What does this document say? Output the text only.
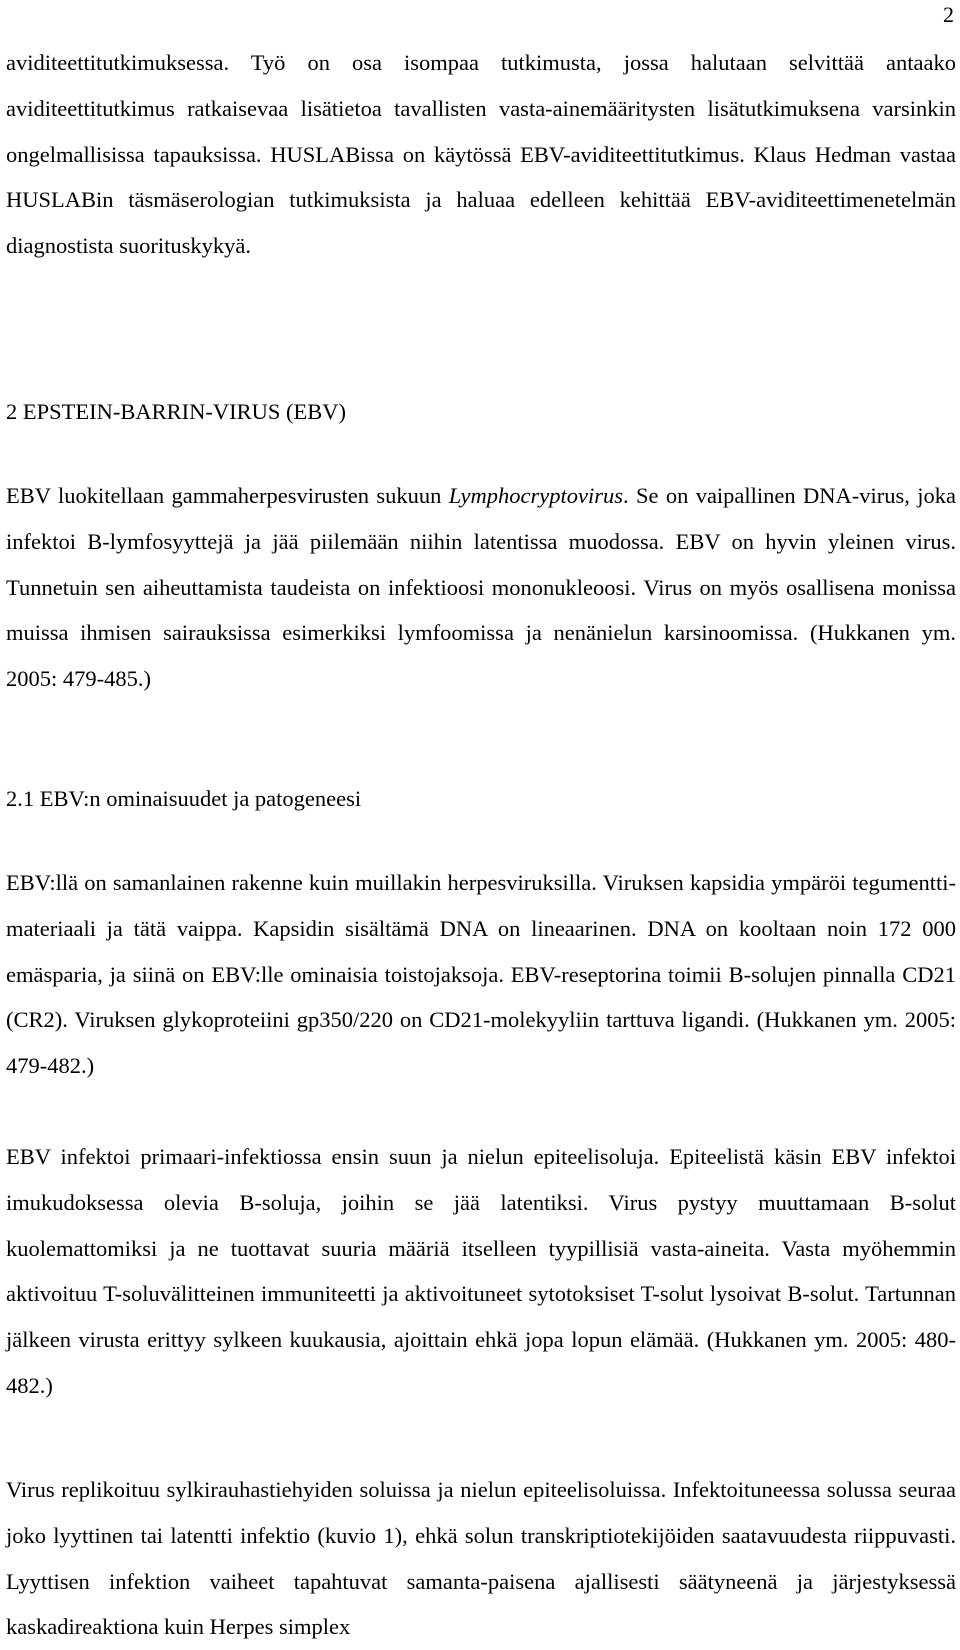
2

aviditeettitutkimuksessa. Työ on osa isompaa tutkimusta, jossa halutaan selvittää antaako aviditeettitutkimus ratkaisevaa lisätietoa tavallisten vasta-ainemääritysten lisätutkimuksena varsinkin ongelmallisissa tapauksissa. HUSLABissa on käytössä EBV-aviditeettitutkimus. Klaus Hedman vastaa HUSLABin täsmäserologian tutkimuksista ja haluaa edelleen kehittää EBV-aviditeettimenetelmän diagnostista suorituskykyä.

2 EPSTEIN-BARRIN-VIRUS (EBV)

EBV luokitellaan gammaherpesvirusten sukuun Lymphocryptovirus. Se on vaipallinen DNA-virus, joka infektoi B-lymfosyyttejä ja jää piilemään niihin latentissa muodossa. EBV on hyvin yleinen virus. Tunnetuin sen aiheuttamista taudeista on infektioosi mononukleoosi. Virus on myös osallisena monissa muissa ihmisen sairauksissa esimerkiksi lymfoomissa ja nenänielun karsinoomissa. (Hukkanen ym. 2005: 479-485.)

2.1 EBV:n ominaisuudet ja patogeneesi

EBV:llä on samanlainen rakenne kuin muillakin herpesviruksilla. Viruksen kapsidia ympäröi tegumentti-materiaali ja tätä vaippa. Kapsidin sisältämä DNA on lineaarinen. DNA on kooltaan noin 172 000 emäsparia, ja siinä on EBV:lle ominaisia toistojaksoja. EBV-reseptorina toimii B-solujen pinnalla CD21 (CR2). Viruksen glykoproteiini gp350/220 on CD21-molekyyliin tarttuva ligandi. (Hukkanen ym. 2005: 479-482.)

EBV infektoi primaari-infektiossa ensin suun ja nielun epiteelisoluja. Epiteelistä käsin EBV infektoi imukudoksessa olevia B-soluja, joihin se jää latentiksi. Virus pystyy muuttamaan B-solut kuolemattomiksi ja ne tuottavat suuria määriä itselleen tyypillisiä vasta-aineita. Vasta myöhemmin aktivoituu T-soluvälitteinen immuniteetti ja aktivoituneet sytotoksiset T-solut lysoivat B-solut. Tartunnan jälkeen virusta erittyy sylkeen kuukausia, ajoittain ehkä jopa lopun elämää. (Hukkanen ym. 2005: 480-482.)

Virus replikoituu sylkirauhastiehyiden soluissa ja nielun epiteelisoluissa. Infektoituneessa solussa seuraa joko lyyttinen tai latentti infektio (kuvio 1), ehkä solun transkriptiotekijöiden saatavuudesta riippuvasti. Lyyttisen infektion vaiheet tapahtuvat samanta-paisena ajallisesti säätyneenä ja järjestyksessä kaskadireaktiona kuin Herpes simplex
